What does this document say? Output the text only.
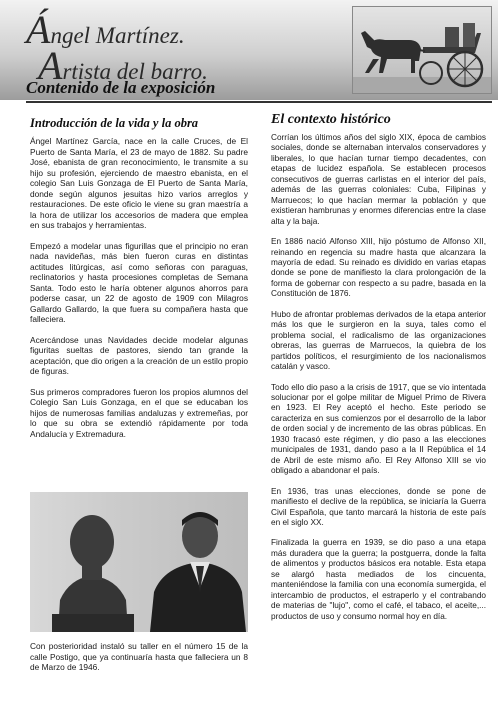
Ángel Martínez.
Artista del barro.
Contenido de la exposición
Introducción de la vida y la obra

Ángel Martínez García, nace en la calle Cruces, de El Puerto de Santa María, el 23 de mayo de 1882. Su padre José, ebanista de gran reconocimiento, le transmite a su hijo su profesión, ejerciendo de maestro ebanista, en el colegio San Luis Gonzaga de El Puerto de Santa María, donde según algunos jesuitas hizo varios arreglos y restauraciones. De este oficio le viene su gran maestría a la hora de utilizar los accesorios de madera que emplea en sus trabajos y herramientas.

Empezó a modelar unas figurillas que el principio no eran nada navideñas, más bien fueron curas en distintas actitudes litúrgicas, así como señoras con paraguas, reclinatorios y hasta procesiones completas de Semana Santa. Todo esto le haría obtener algunos ahorros para poderse casar, un 22 de agosto de 1909 con Milagros Gallardo Gallardo, la que fuera su compañera hasta que falleciera.

Acercándose unas Navidades decide modelar algunas figuritas sueltas de pastores, siendo tan grande la aceptación, que dio origen a la creación de un estilo propio de figuras.

Sus primeros compradores fueron los propios alumnos del Colegio San Luis Gonzaga, en el que se educaban los hijos de numerosas familias andaluzas y extremeñas, por lo que su obra se extendió rápidamente por toda Andalucía y Extremadura.

Con posterioridad instaló su taller en el número 15 de la calle Postigo, que ya continuaría hasta que falleciera un 8 de Marzo de 1946.

El contexto histórico

Corrían los últimos años del siglo XIX, época de cambios sociales, donde se alternaban intervalos conservadores y liberales, lo que hacían turnar tiempo decadentes, con etapas de lucidez española. Se establecen procesos consecutivos de guerras carlistas en el interior del país, además de las guerras coloniales: Cuba, Filipinas y Marruecos; lo que hacían mermar la población y que existieran hambrunas y enormes diferencias entre la clase alta y la baja.

En 1886 nació Alfonso XIII, hijo póstumo de Alfonso XII, reinando en regencia su madre hasta que alcanzara la mayoría de edad. Su reinado es dividido en varias etapas donde se pone de manifiesto la clara prolongación de la forma de gobernar con respecto a su padre, basada en la Constitución de 1876.

Hubo de afrontar problemas derivados de la etapa anterior más los que le surgieron en la suya, tales como el problema social, el radicalismo de las organizaciones obreras, las guerras de Marruecos, la quiebra de los partidos políticos, el resurgimiento de los nacionalismos catalán y vasco.

Todo ello dio paso a la crisis de 1917, que se vio intentada solucionar por el golpe militar de Miguel Primo de Rivera en 1923. El Rey aceptó el hecho. Este periodo se caracteriza en sus comienzos por el desarrollo de la labor de orden social y de incremento de las obras públicas. En 1930 fracasó este régimen, y dio paso a las elecciones municipales de 1931, dando paso a la II República el 14 de Abril de este mismo año. El Rey Alfonso XIII se vio obligado a abandonar el país.

En 1936, tras unas elecciones, donde se pone de manifiesto el declive de la república, se iniciaría la Guerra Civil Española, que tanto marcará la historia de este país en el siglo XX.

Finalizada la guerra en 1939, se dio paso a una etapa más duradera que la guerra; la postguerra, donde la falta de alimentos y productos básicos era notable. Esta etapa se alargó hasta mediados de los cincuenta, manteniéndose la familia con una economía sumergida, el intercambio de productos, el estraperlo y el contrabando de materias de "lujo", como el café, el tabaco, el aceite,... productos de uso y consumo normal hoy en día.
